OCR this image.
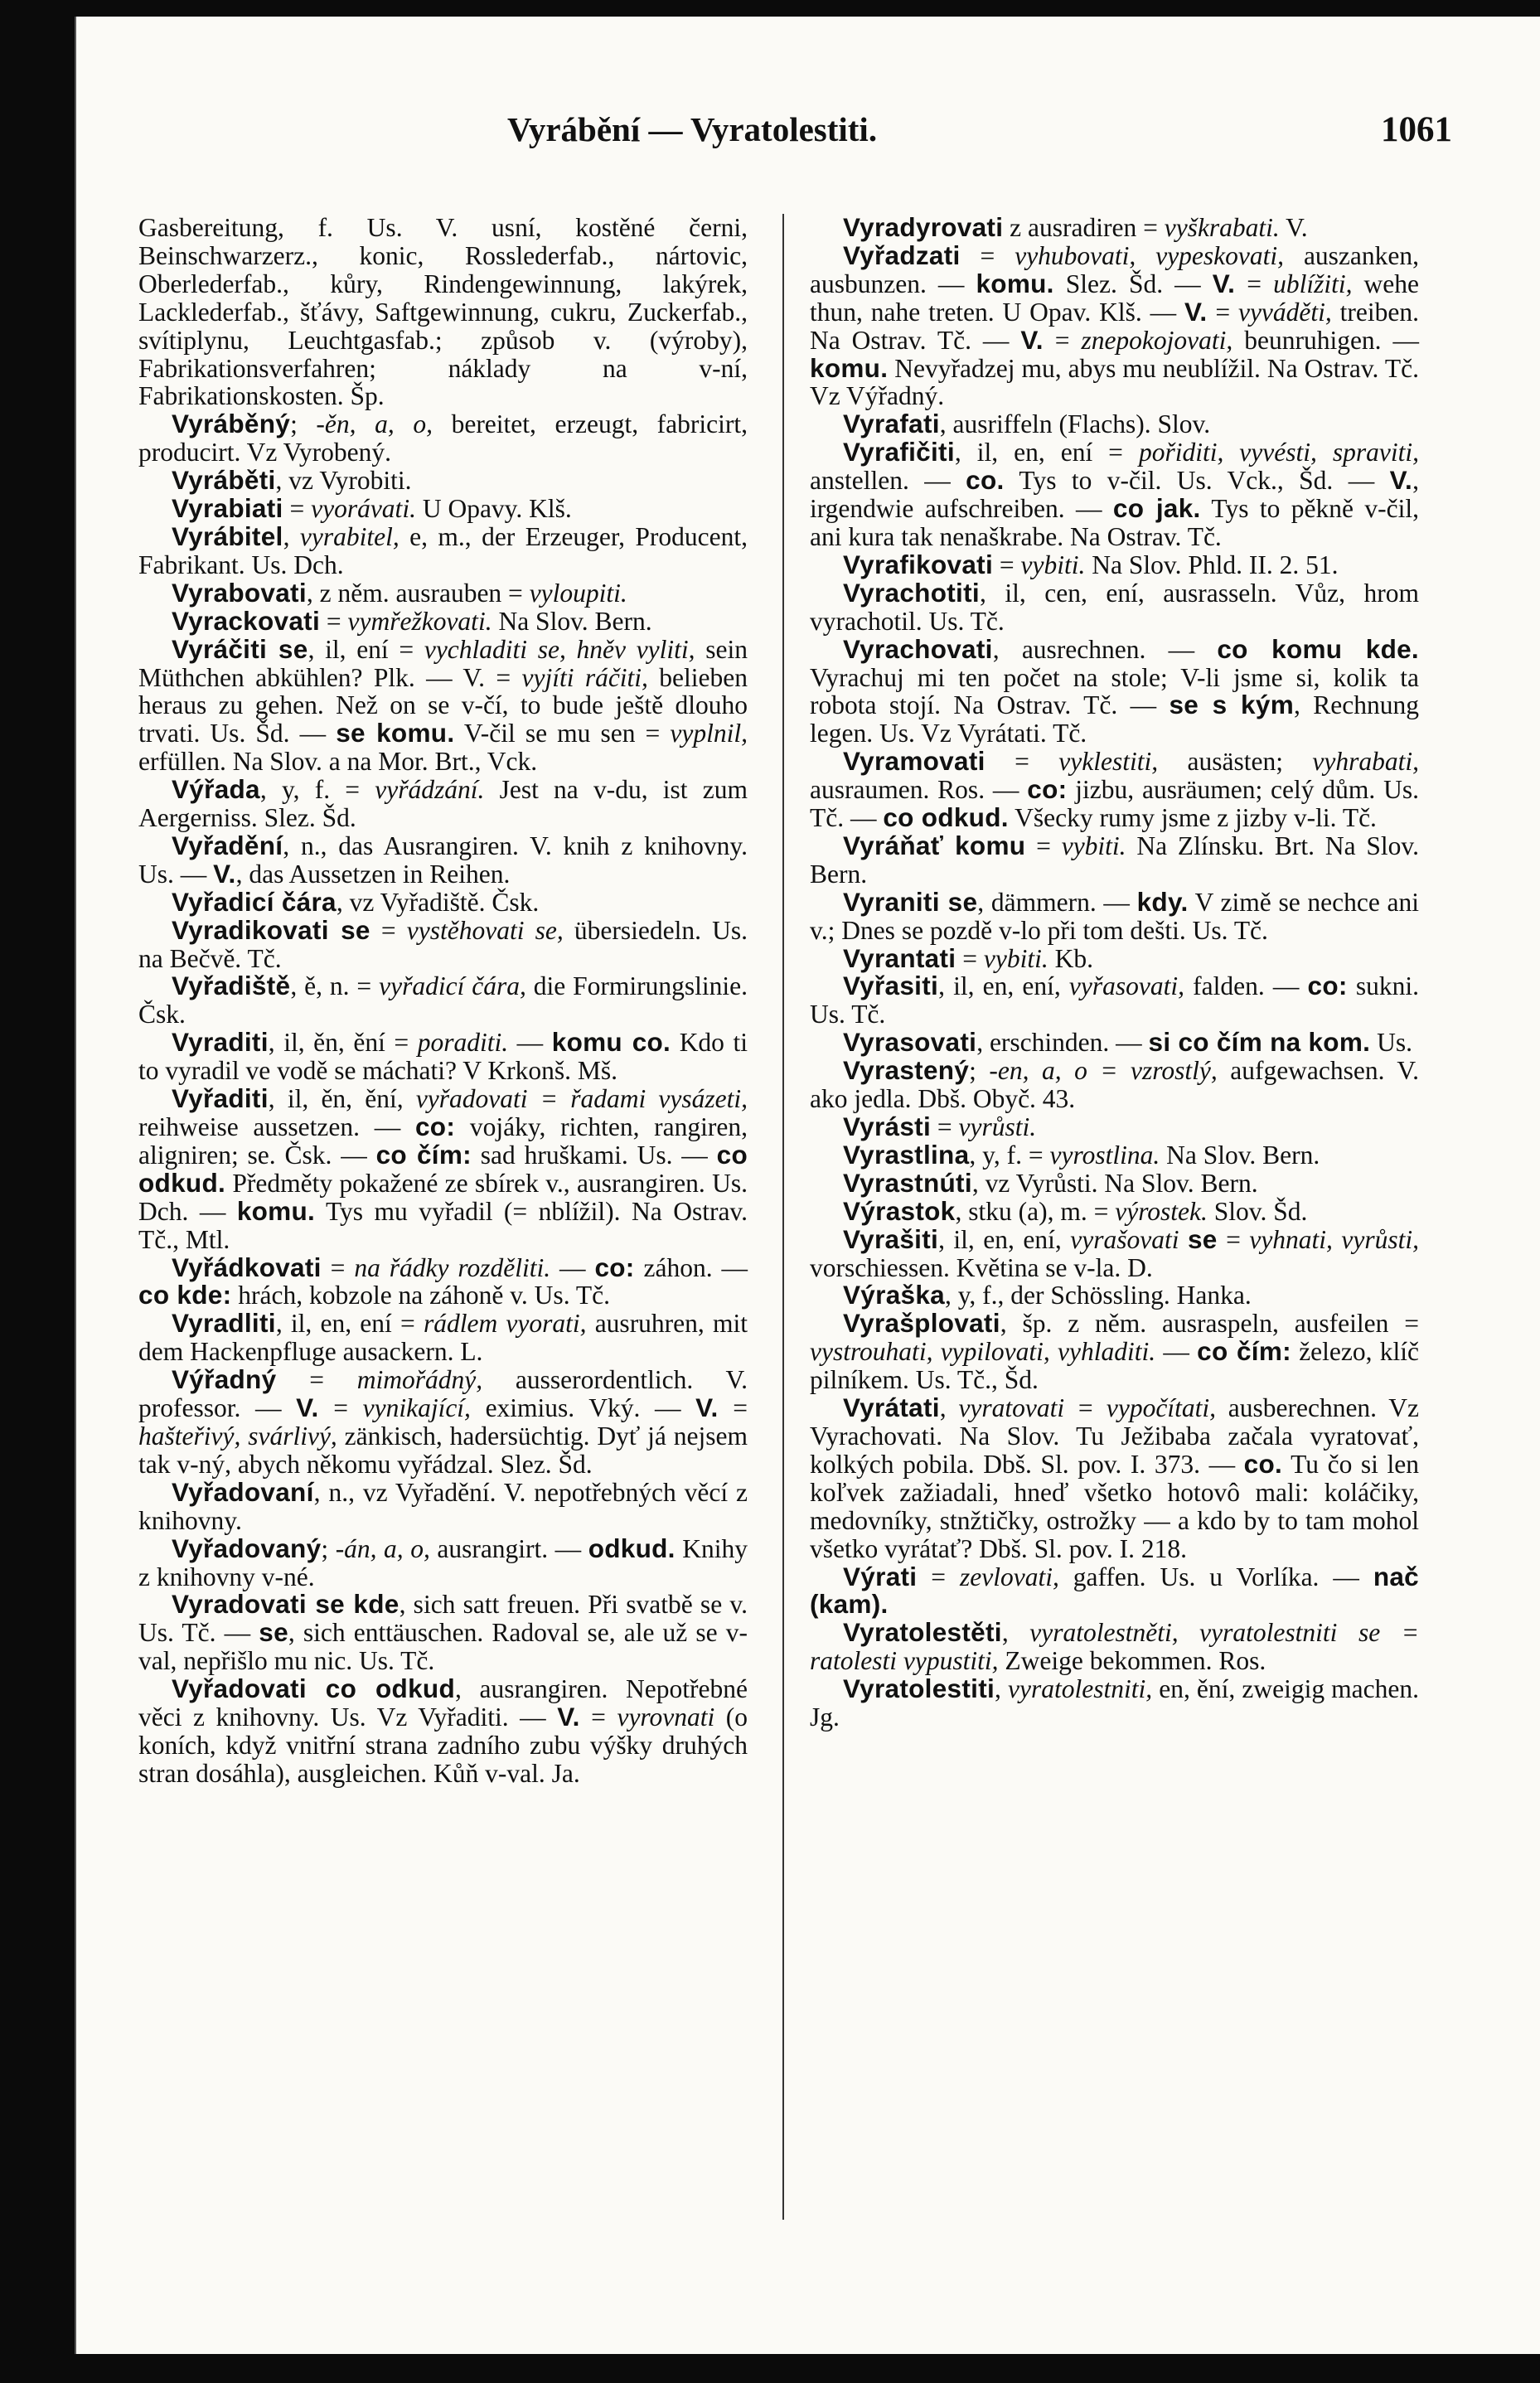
Vyrábění — Vyratolestiti.	1061

Gasbereitung, f. Us. V. usní, kostěné černi, Beinschwarzerz., konic, Rosslederfab., nártovic, Oberlederfab., kůry, Rindengewinnung, lakýrek, Lacklederfab., šťávy, Saftgewinnung, cukru, Zuckerfab., svítiplynu, Leuchtgasfab.; způsob v. (výroby), Fabrikationsverfahren; náklady na v-ní, Fabrikationskosten. Šp.

Vyráběný; -ěn, a, o, bereitet, erzeugt, fabricirt, producirt. Vz Vyrobený.

Vyráběti, vz Vyrobiti.

Vyrabiati = vyorávati. U Opavy. Klš.

Vyrábitel, vyrabitel, e, m., der Erzeuger, Producent, Fabrikant. Us. Dch.

Vyrabovati, z něm. ausrauben = vyloupiti.

Vyrackovati = vymřežkovati. Na Slov. Bern.

Vyráčiti se, il, ení = vychladiti se, hněv vyliti, sein Müthchen abkühlen? Plk. — V. = vyjíti ráčiti, belieben heraus zu gehen. Než on se v-čí, to bude ještě dlouho trvati. Us. Šd. — se komu. V-čil se mu sen = vyplnil, erfüllen. Na Slov. a na Mor. Brt., Vck.

Výřada, y, f. = vyřádzání. Jest na v-du, ist zum Aergerniss. Slez. Šd.

Vyřadění, n., das Ausrangiren. V. knih z knihovny. Us. — V., das Aussetzen in Reihen.

Vyřadicí čára, vz Vyřadiště. Čsk.

Vyradikovati se = vystěhovati se, übersiedeln. Us. na Bečvě. Tč.

Vyřadiště, ě, n. = vyřadicí čára, die Formirungslinie. Čsk.

Vyraditi, il, ěn, ění = poraditi. — komu co. Kdo ti to vyradil ve vodě se máchati? V Krkonš. Mš.

Vyřaditi, il, ěn, ění, vyřadovati = řadami vysázeti, reihweise aussetzen. — co: vojáky, richten, rangiren, aligniren; se. Čsk. — co čím: sad hruškami. Us. — co odkud. Předměty pokažené ze sbírek v., ausrangiren. Us. Dch. — komu. Tys mu vyřadil (= nblížil). Na Ostrav. Tč., Mtl.

Vyřádkovati = na řádky rozděliti. — co: záhon. — co kde: hrách, kobzole na záhoně v. Us. Tč.

Vyradliti, il, en, ení = rádlem vyorati, ausruhren, mit dem Hackenpfluge ausackern. L.

Výřadný = mimořádný, ausserordentlich. V. professor. — V. = vynikající, eximius. Vký. — V. = hašteřivý, svárlivý, zänkisch, hadersüchtig. Dyť já nejsem tak v-ný, abych někomu vyřádzal. Slez. Šd.

Vyřadovaní, n., vz Vyřadění. V. nepotřebných věcí z knihovny.

Vyřadovaný; -án, a, o, ausrangirt. — odkud. Knihy z knihovny v-né.

Vyradovati se kde, sich satt freuen. Při svatbě se v. Us. Tč. — se, sich enttäuschen. Radoval se, ale už se v-val, nepřišlo mu nic. Us. Tč.

Vyřadovati co odkud, ausrangiren. Nepotřebné věci z knihovny. Us. Vz Vyřaditi. — V. = vyrovnati (o koních, když vnitřní strana zadního zubu výšky druhých stran dosáhla), ausgleichen. Kůň v-val. Ja.

Vyradyrovati z ausradiren = vyškrabati. V.

Vyřadzati = vyhubovati, vypeskovati, auszanken, ausbunzen. — komu. Slez. Šd. — V. = ublížiti, wehe thun, nahe treten. U Opav. Klš. — V. = vyváděti, treiben. Na Ostrav. Tč. — V. = znepokojovati, beunruhigen. — komu. Nevyřadzej mu, abys mu neublížil. Na Ostrav. Tč. Vz Výřadný.

Vyrafati, ausriffeln (Flachs). Slov.

Vyrafičiti, il, en, ení = pořiditi, vyvésti, spraviti, anstellen. — co. Tys to v-čil. Us. Vck., Šd. — V., irgendwie aufschreiben. — co jak. Tys to pěkně v-čil, ani kura tak nenaškrabe. Na Ostrav. Tč.

Vyrafikovati = vybiti. Na Slov. Phld. II. 2. 51.

Vyrachotiti, il, cen, ení, ausrasseln. Vůz, hrom vyrachotil. Us. Tč.

Vyrachovati, ausrechnen. — co komu kde. Vyrachuj mi ten počet na stole; V-li jsme si, kolik ta robota stojí. Na Ostrav. Tč. — se s kým, Rechnung legen. Us. Vz Vyrátati. Tč.

Vyramovati = vyklestiti, ausästen; vyhrabati, ausraumen. Ros. — co: jizbu, ausräumen; celý dům. Us. Tč. — co odkud. Všecky rumy jsme z jizby v-li. Tč.

Vyráňať komu = vybiti. Na Zlínsku. Brt. Na Slov. Bern.

Vyraniti se, dämmern. — kdy. V zimě se nechce ani v.; Dnes se pozdě v-lo při tom dešti. Us. Tč.

Vyrantati = vybiti. Kb.

Vyřasiti, il, en, ení, vyřasovati, falden. — co: sukni. Us. Tč.

Vyrasovati, erschinden. — si co čím na kom. Us.

Vyrastený; -en, a, o = vzrostlý, aufgewachsen. V. ako jedla. Dbš. Obyč. 43.

Vyrásti = vyrůsti.

Vyrastlina, y, f. = vyrostlina. Na Slov. Bern.

Vyrastnúti, vz Vyrůsti. Na Slov. Bern.

Výrastok, stku (a), m. = výrostek. Slov. Šd.

Vyrašiti, il, en, ení, vyrašovati se = vyhnati, vyrůsti, vorschiessen. Květina se v-la. D.

Výraška, y, f., der Schössling. Hanka.

Vyrašplovati, šp. z něm. ausraspeln, ausfeilen = vystrouhati, vypilovati, vyhladiti. — co čím: železo, klíč pilníkem. Us. Tč., Šd.

Vyrátati, vyratovati = vypočítati, ausberechnen. Vz Vyrachovati. Na Slov. Tu Ježibaba začala vyratovať, kolkých pobila. Dbš. Sl. pov. I. 373. — co. Tu čo si len koľvek zažiadali, hneď všetko hotovô mali: koláčiky, medovníky, stnžtičky, ostrožky — a kdo by to tam mohol všetko vyrátať? Dbš. Sl. pov. I. 218.

Výrati = zevlovati, gaffen. Us. u Vorlíka. — nač (kam).

Vyratolestěti, vyratolestněti, vyratolestniti se = ratolesti vypustiti, Zweige bekommen. Ros.

Vyratolestiti, vyratolestniti, en, ění, zweigig machen. Jg.
